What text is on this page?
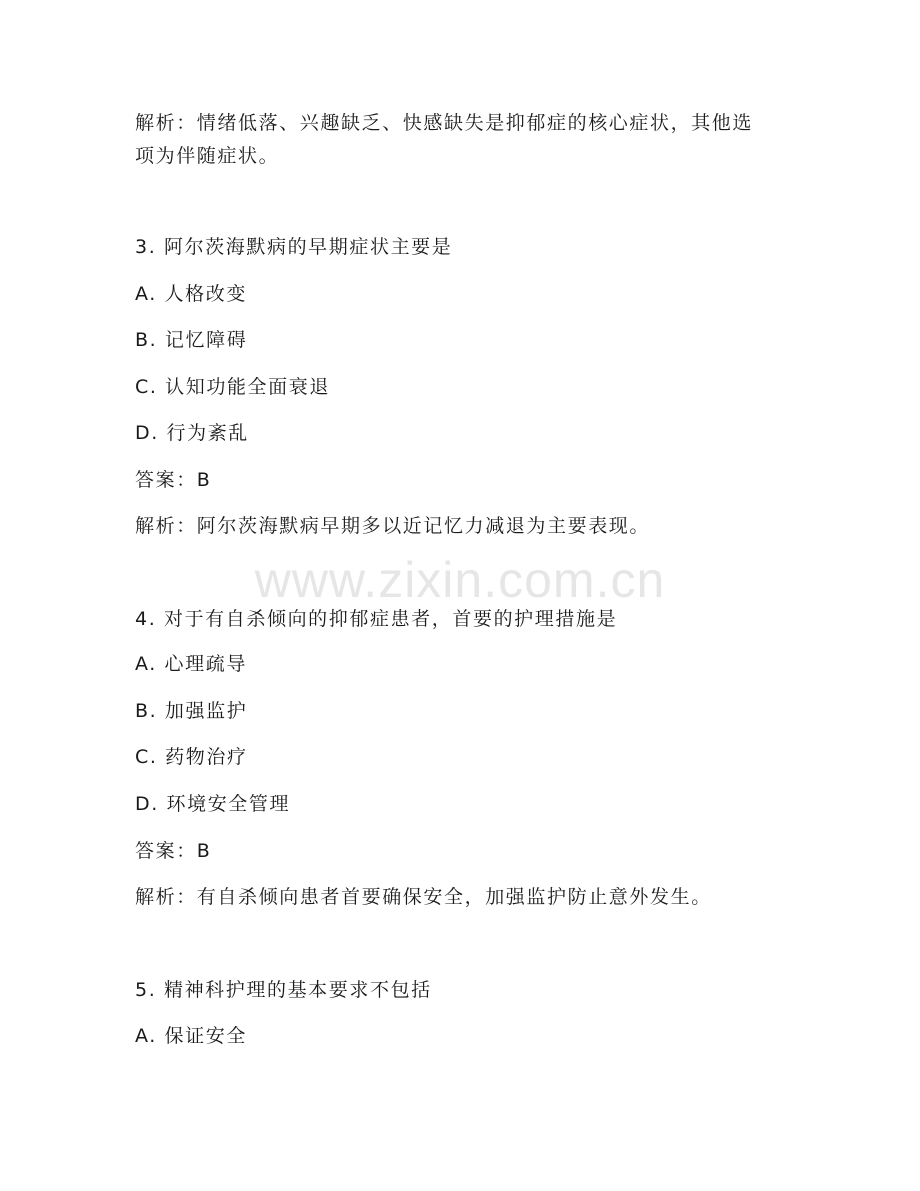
www.zixin.com.cn
解析：情绪低落、兴趣缺乏、快感缺失是抑郁症的核心症状，其他选
项为伴随症状。
3. 阿尔茨海默病的早期症状主要是
A. 人格改变
B. 记忆障碍
C. 认知功能全面衰退
D. 行为紊乱
答案：B
解析：阿尔茨海默病早期多以近记忆力减退为主要表现。
4. 对于有自杀倾向的抑郁症患者，首要的护理措施是
A. 心理疏导
B. 加强监护
C. 药物治疗
D. 环境安全管理
答案：B
解析：有自杀倾向患者首要确保安全，加强监护防止意外发生。
5. 精神科护理的基本要求不包括
A. 保证安全
